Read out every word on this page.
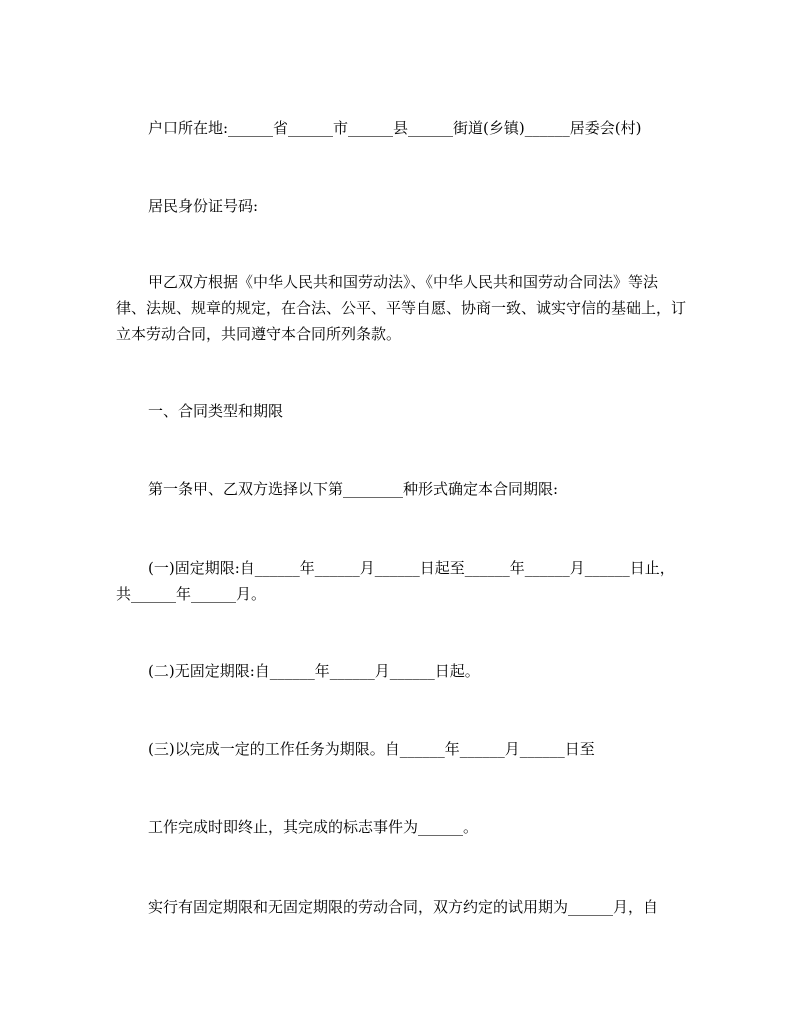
户口所在地:______省______市______县______街道(乡镇)______居委会(村)

居民身份证号码:

甲乙双方根据《中华人民共和国劳动法》、《中华人民共和国劳动合同法》等法律、法规、规章的规定，在合法、公平、平等自愿、协商一致、诚实守信的基础上，订立本劳动合同，共同遵守本合同所列条款。

一、合同类型和期限

第一条甲、乙双方选择以下第________种形式确定本合同期限:

(一)固定期限:自______年______月______日起至______年______月______日止，共______年______月。

(二)无固定期限:自______年______月______日起。

(三)以完成一定的工作任务为期限。自______年______月______日至

工作完成时即终止，其完成的标志事件为______。

实行有固定期限和无固定期限的劳动合同，双方约定的试用期为______月，自
